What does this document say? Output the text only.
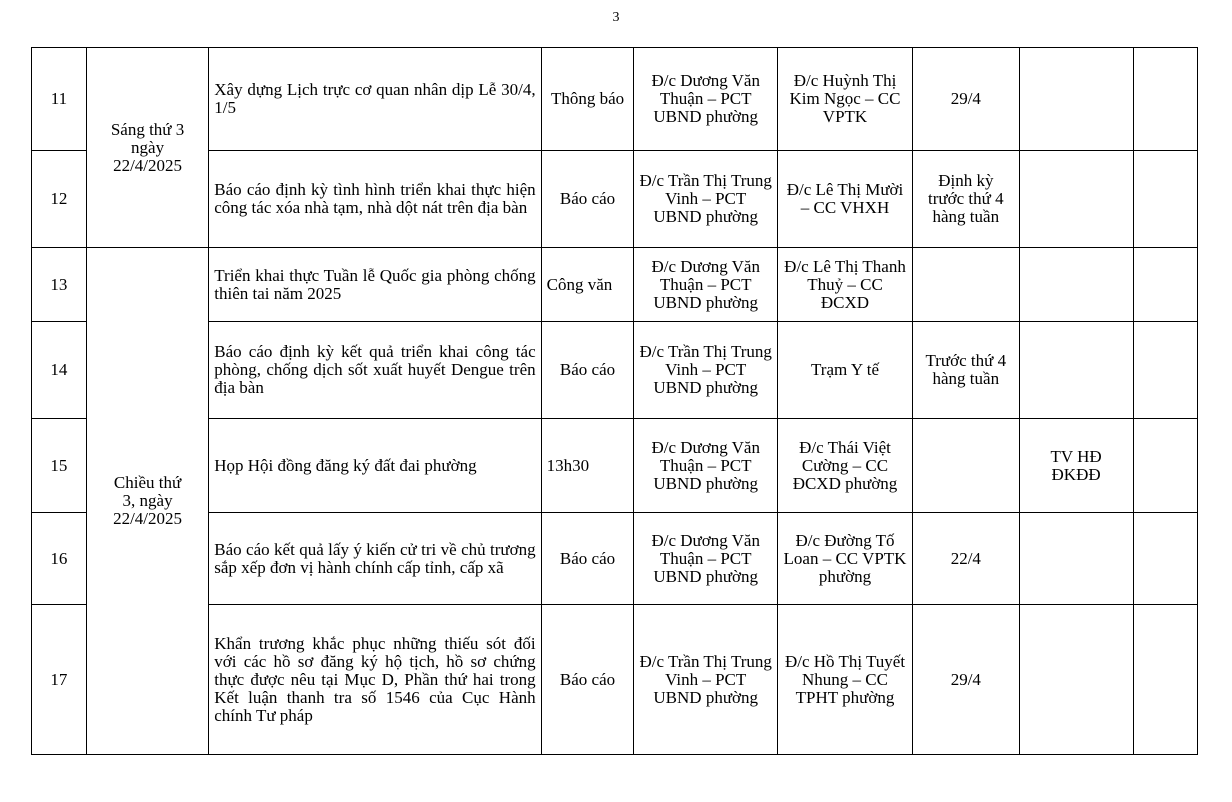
3
11	Sáng thứ 3
ngày
22/4/2025	Xây dựng Lịch trực cơ quan nhân dịp Lễ 30/4, 1/5	Thông báo	Đ/c Dương Văn Thuận – PCT UBND phường	Đ/c Huỳnh Thị Kim Ngọc – CC VPTK	29/4		
12		Báo cáo định kỳ tình hình triển khai thực hiện công tác xóa nhà tạm, nhà dột nát trên địa bàn	Báo cáo	Đ/c Trần Thị Trung Vinh – PCT UBND phường	Đ/c Lê Thị Mười – CC VHXH	Định kỳ trước thứ 4 hàng tuần		
13	Chiều thứ
3, ngày
22/4/2025	Triển khai thực Tuần lễ Quốc gia phòng chống thiên tai năm 2025	Công văn	Đ/c Dương Văn Thuận – PCT UBND phường	Đ/c Lê Thị Thanh Thuỷ – CC ĐCXD			
14		Báo cáo định kỳ kết quả triển khai công tác phòng, chống dịch sốt xuất huyết Dengue trên địa bàn	Báo cáo	Đ/c Trần Thị Trung Vinh – PCT UBND phường	Trạm Y tế	Trước thứ 4 hàng tuần		
15		Họp Hội đồng đăng ký đất đai phường	13h30	Đ/c Dương Văn Thuận – PCT UBND phường	Đ/c Thái Việt Cường – CC ĐCXD phường		TV HĐ ĐKĐĐ	
16		Báo cáo kết quả lấy ý kiến cử tri về chủ trương sắp xếp đơn vị hành chính cấp tỉnh, cấp xã	Báo cáo	Đ/c Dương Văn Thuận – PCT UBND phường	Đ/c Đường Tố Loan – CC VPTK phường	22/4		
17		Khẩn trương khắc phục những thiếu sót đối với các hồ sơ đăng ký hộ tịch, hồ sơ chứng thực được nêu tại Mục D, Phần thứ hai trong Kết luận thanh tra số 1546 của Cục Hành chính Tư pháp	Báo cáo	Đ/c Trần Thị Trung Vinh – PCT UBND phường	Đ/c Hồ Thị Tuyết Nhung – CC TPHT phường	29/4		
